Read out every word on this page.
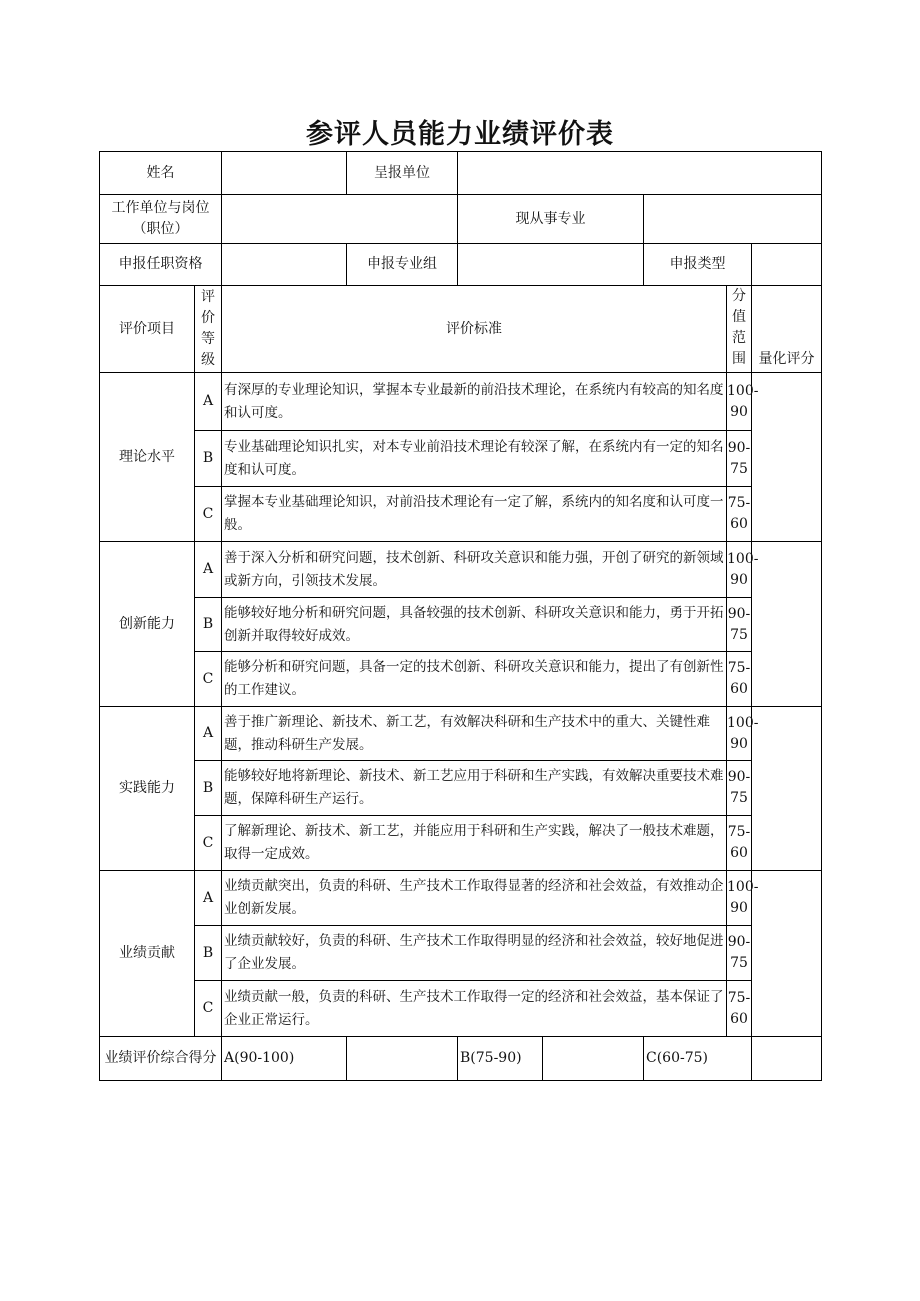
参评人员能力业绩评价表
姓名			呈报单位					
工作单位与岗位（职位）				现从事专业				
申报任职资格			申报专业组			申报类型		
评价项目	评价等级	评价标准					分值范围	量化评分
理论水平	A	有深厚的专业理论知识，掌握本专业最新的前沿技术理论，在系统内有较高的知名度和认可度。					100-90	
	B	专业基础理论知识扎实，对本专业前沿技术理论有较深了解，在系统内有一定的知名度和认可度。					90-75	
	C	掌握本专业基础理论知识，对前沿技术理论有一定了解，系统内的知名度和认可度一般。					75-60	
创新能力	A	善于深入分析和研究问题，技术创新、科研攻关意识和能力强，开创了研究的新领域或新方向，引领技术发展。					100-90	
	B	能够较好地分析和研究问题，具备较强的技术创新、科研攻关意识和能力，勇于开拓创新并取得较好成效。					90-75	
	C	能够分析和研究问题，具备一定的技术创新、科研攻关意识和能力，提出了有创新性的工作建议。					75-60	
实践能力	A	善于推广新理论、新技术、新工艺，有效解决科研和生产技术中的重大、关键性难题，推动科研生产发展。					100-90	
	B	能够较好地将新理论、新技术、新工艺应用于科研和生产实践，有效解决重要技术难题，保障科研生产运行。					90-75	
	C	了解新理论、新技术、新工艺，并能应用于科研和生产实践，解决了一般技术难题，取得一定成效。					75-60	
业绩贡献	A	业绩贡献突出，负责的科研、生产技术工作取得显著的经济和社会效益，有效推动企业创新发展。					100-90	
	B	业绩贡献较好，负责的科研、生产技术工作取得明显的经济和社会效益，较好地促进了企业发展。					90-75	
	C	业绩贡献一般，负责的科研、生产技术工作取得一定的经济和社会效益，基本保证了企业正常运行。					75-60	
业绩评价综合得分		A(90-100)		B(75-90)		C(60-75)		
